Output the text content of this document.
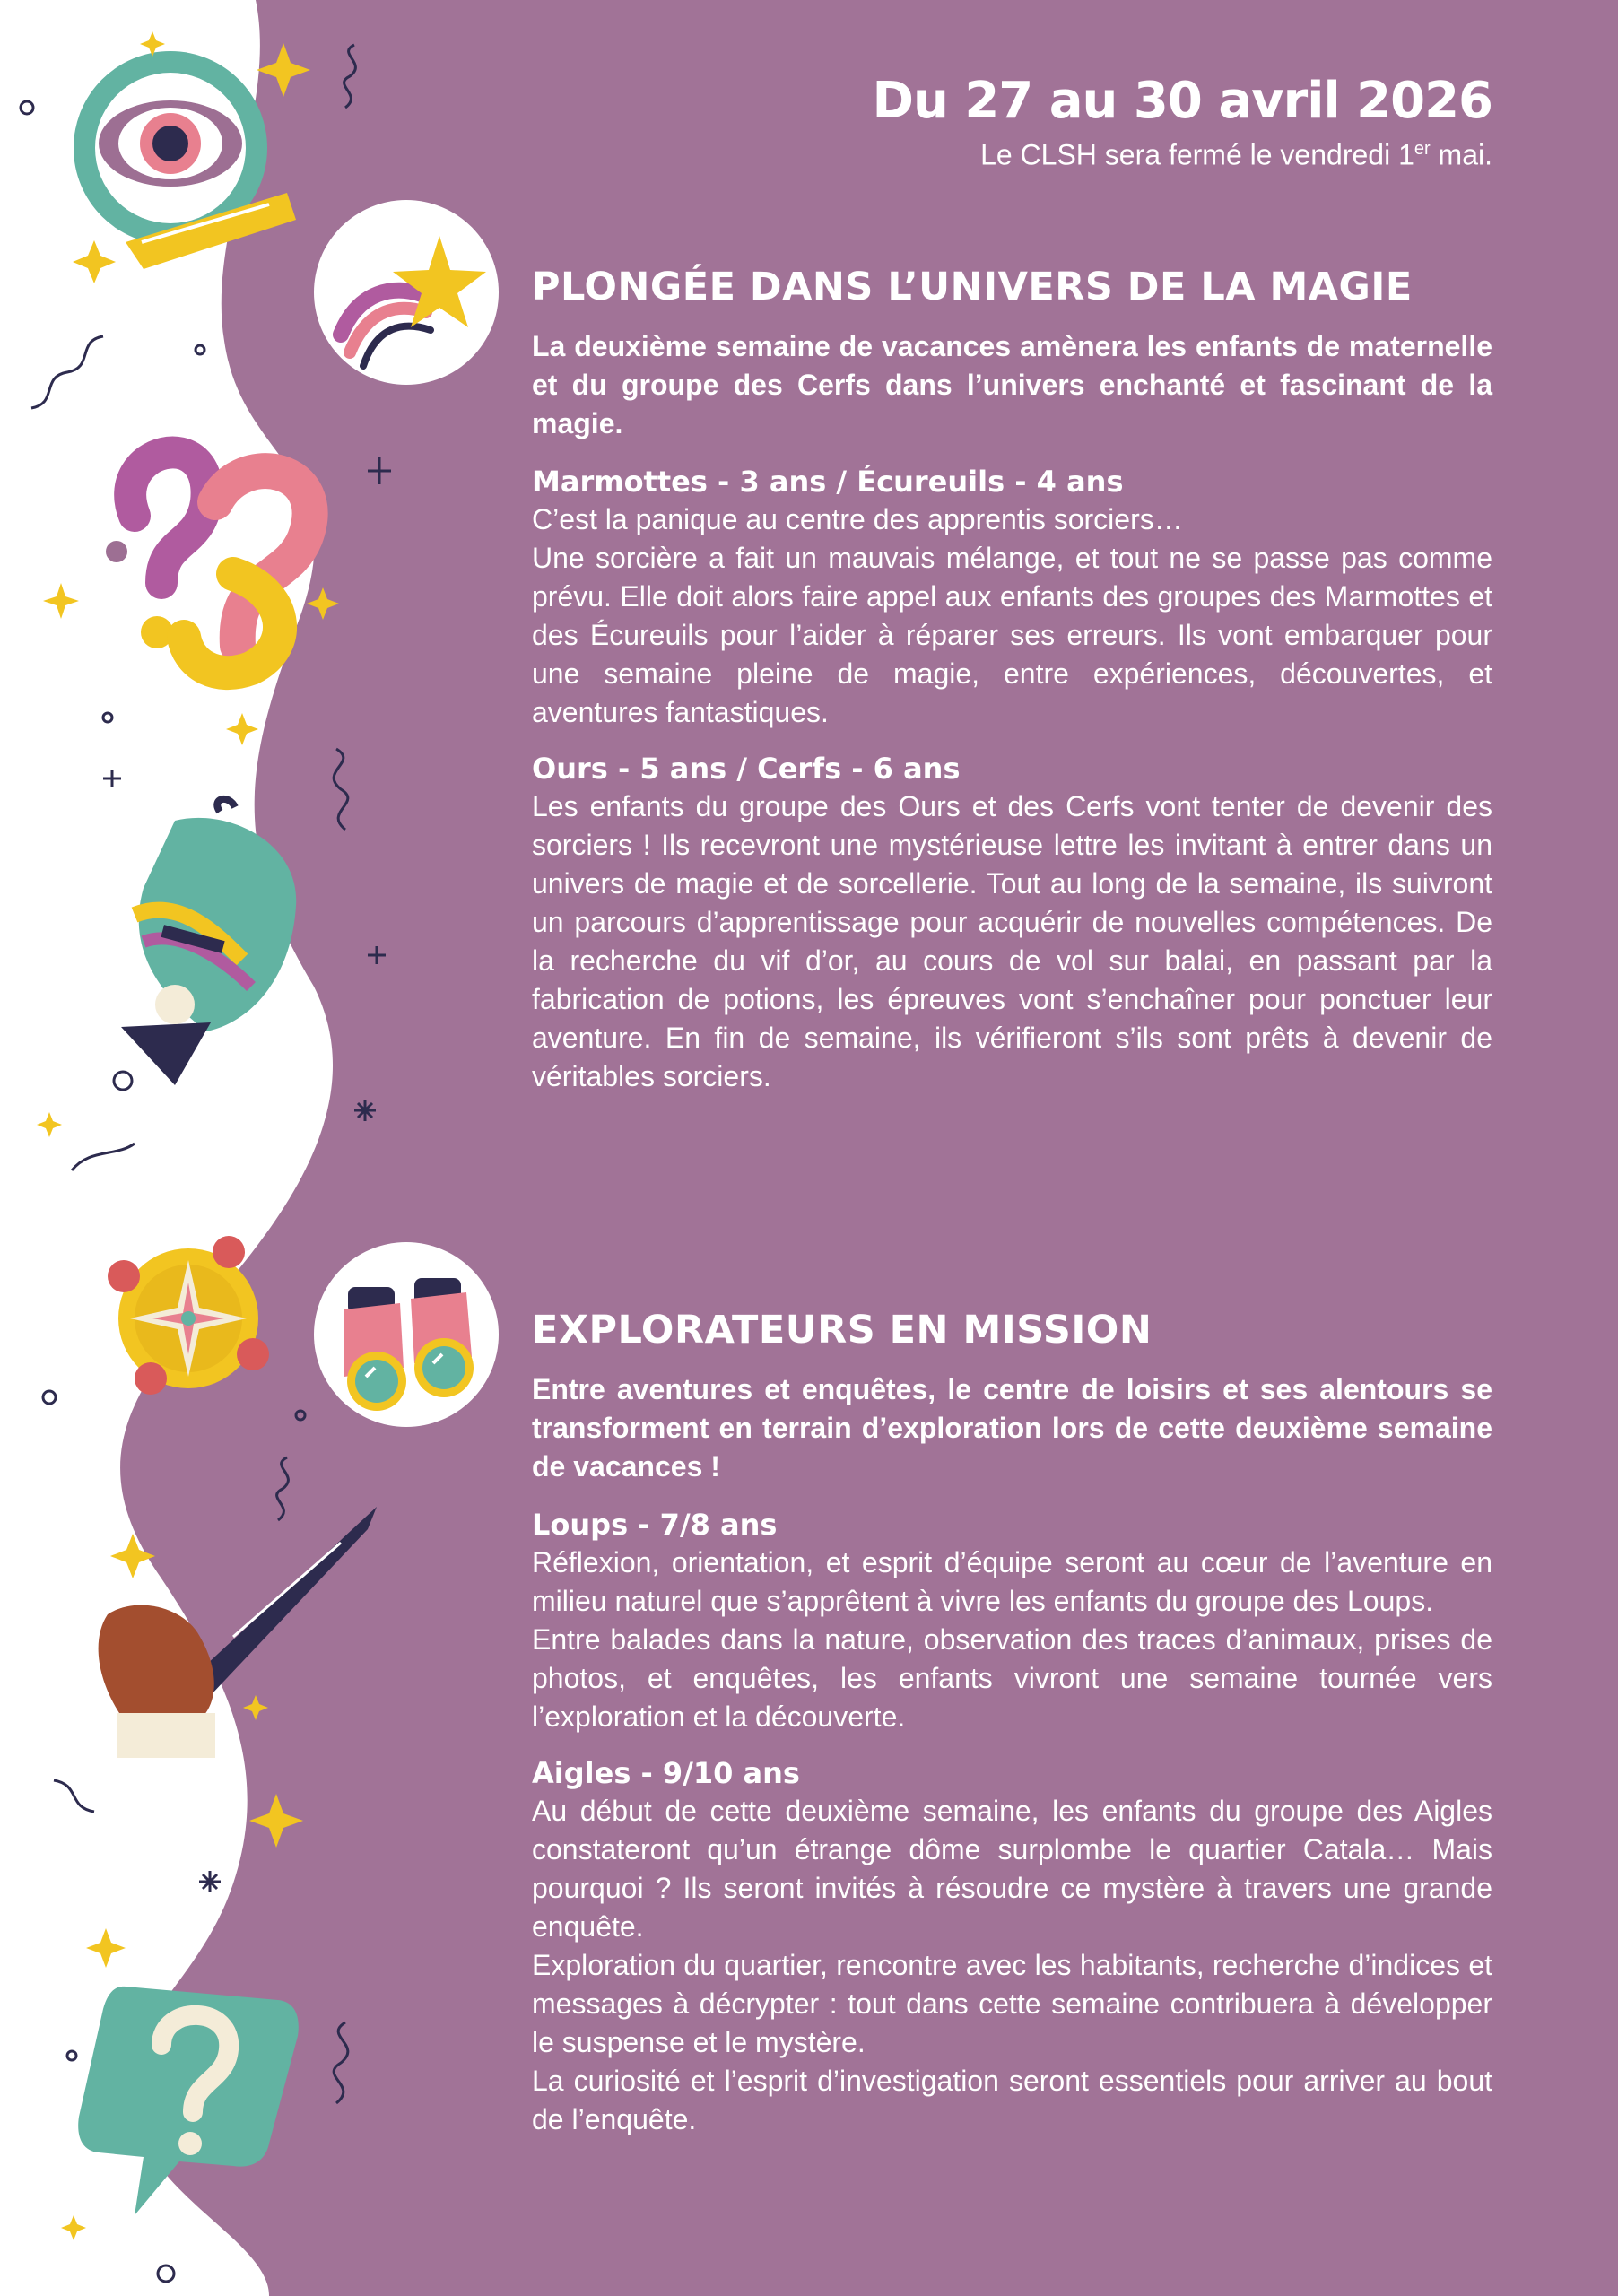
Du 27 au 30 avril 2026
Le CLSH sera fermé le vendredi 1er mai.
PLONGÉE DANS L’UNIVERS DE LA MAGIE

La deuxième semaine de vacances amènera les enfants de maternelle et du groupe des Cerfs dans l’univers enchanté et fascinant de la magie.

Marmottes - 3 ans / Écureuils - 4 ans

C’est la panique au centre des apprentis sorciers…

Une sorcière a fait un mauvais mélange, et tout ne se passe pas comme prévu. Elle doit alors faire appel aux enfants des groupes des Marmottes et des Écureuils pour l’aider à réparer ses erreurs. Ils vont embarquer pour une semaine pleine de magie, entre expériences, découvertes, et aventures fantastiques.

Ours - 5 ans / Cerfs - 6 ans

Les enfants du groupe des Ours et des Cerfs vont tenter de devenir des sorciers ! Ils recevront une mystérieuse lettre les invitant à entrer dans un univers de magie et de sorcellerie. Tout au long de la semaine, ils suivront un parcours d’apprentissage pour acquérir de nouvelles compétences. De la recherche du vif d’or, au cours de vol sur balai, en passant par la fabrication de potions, les épreuves vont s’enchaîner pour ponctuer leur aventure. En fin de semaine, ils vérifieront s’ils sont prêts à devenir de véritables sorciers.

EXPLORATEURS EN MISSION

Entre aventures et enquêtes, le centre de loisirs et ses alentours se transforment en terrain d’exploration lors de cette deuxième semaine de vacances !

Loups - 7/8 ans

Réflexion, orientation, et esprit d’équipe seront au cœur de l’aventure en milieu naturel que s’apprêtent à vivre les enfants du groupe des Loups.

Entre balades dans la nature, observation des traces d’animaux, prises de photos, et enquêtes, les enfants vivront une semaine tournée vers l’exploration et la découverte.

Aigles - 9/10 ans

Au début de cette deuxième semaine, les enfants du groupe des Aigles constateront qu’un étrange dôme surplombe le quartier Catala… Mais pourquoi ? Ils seront invités à résoudre ce mystère à travers une grande enquête.

Exploration du quartier, rencontre avec les habitants, recherche d’indices et messages à décrypter : tout dans cette semaine contribuera à développer le suspense et le mystère.

La curiosité et l’esprit d’investigation seront essentiels pour arriver au bout de l’enquête.
